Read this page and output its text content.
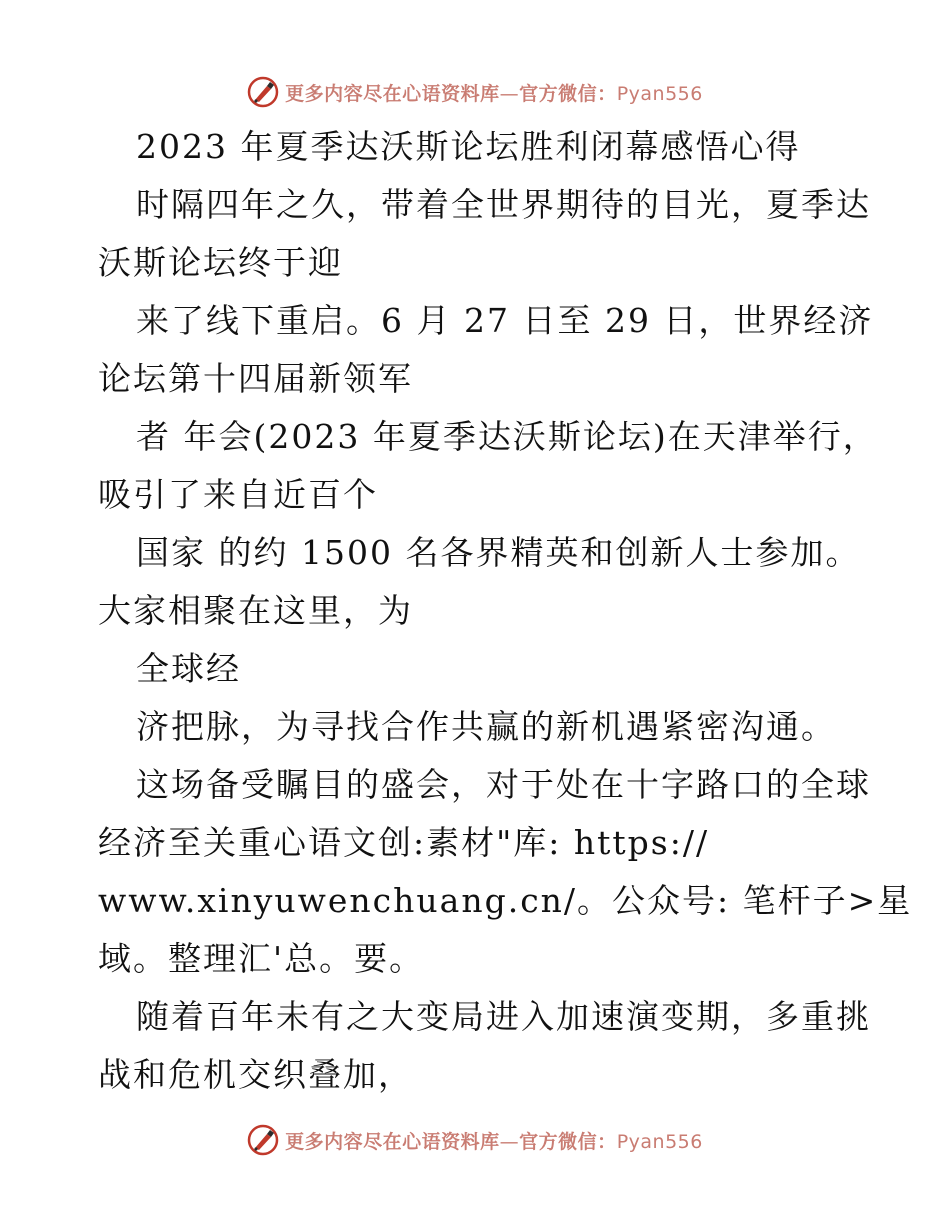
更多内容尽在心语资料库—官方微信：Pyan556
2023 年夏季达沃斯论坛胜利闭幕感悟心得
时隔四年之久，带着全世界期待的目光，夏季达
沃斯论坛终于迎
来了线下重启。6 月 27 日至 29 日，世界经济
论坛第十四届新领军
者 年会(2023 年夏季达沃斯论坛)在天津举行，
吸引了来自近百个
国家 的约 1500 名各界精英和创新人士参加。
大家相聚在这里，为
全球经
济把脉，为寻找合作共赢的新机遇紧密沟通。
这场备受瞩目的盛会，对于处在十字路口的全球
经济至关重心语文创:素材"库: https://
www.xinyuwenchuang.cn/。公众号: 笔杆子>星
域。整理汇'总。要。
随着百年未有之大变局进入加速演变期，多重挑
战和危机交织叠加，
更多内容尽在心语资料库—官方微信：Pyan556
